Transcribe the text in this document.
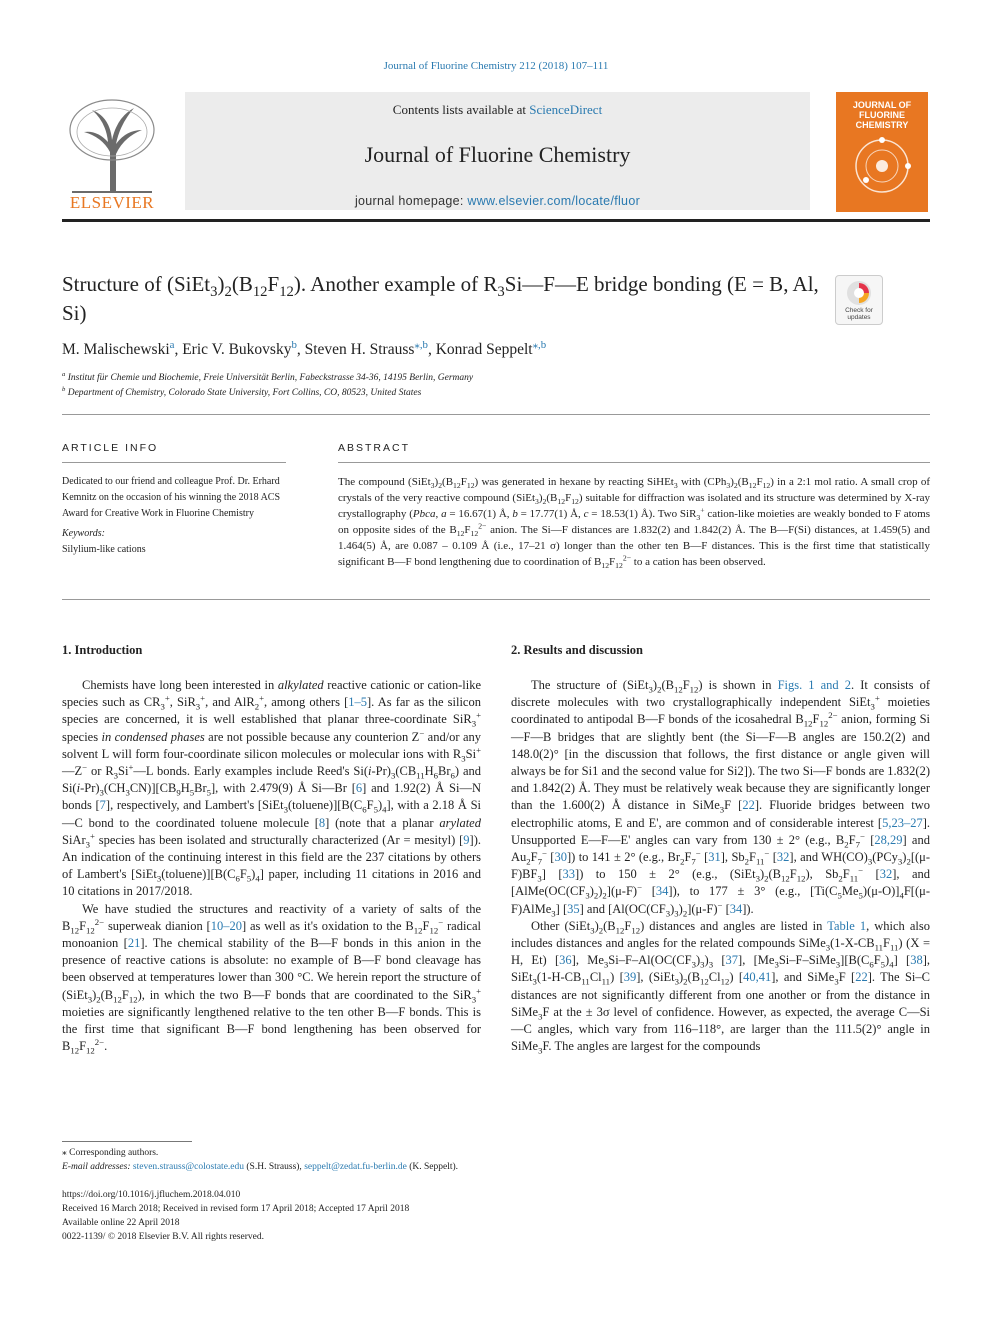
Journal of Fluorine Chemistry 212 (2018) 107–111
ELSEVIER
Contents lists available at ScienceDirect
Journal of Fluorine Chemistry
journal homepage: www.elsevier.com/locate/fluor
JOURNAL OF FLUORINE CHEMISTRY
Structure of $(SiEt_3)_2(B_{12}F_{12})$. Another example of $R_3Si—F—E$ bridge bonding (E = B, Al, Si)	Check for updates
M. Malischewski$^a$, Eric V. Bukovsky$^b$, Steven H. Strauss$^{⁎,b}$, Konrad Seppelt$^{⁎,b}$
$^a$ Institut für Chemie und Biochemie, Freie Universität Berlin, Fabeckstrasse 34-36, 14195 Berlin, Germany
$^b$ Department of Chemistry, Colorado State University, Fort Collins, CO, 80523, United States
ARTICLE INFO
Dedicated to our friend and colleague Prof. Dr. Erhard Kemnitz on the occasion of his winning the 2018 ACS Award for Creative Work in Fluorine Chemistry
Keywords:
Silylium-like cations
ABSTRACT
The compound $(SiEt_3)_2(B_{12}F_{12})$ was generated in hexane by reacting SiHEt$_3$ with $(CPh_3)_2(B_{12}F_{12})$ in a 2:1 mol ratio. A small crop of crystals of the very reactive compound $(SiEt_3)_2(B_{12}F_{12})$ suitable for diffraction was isolated and its structure was determined by X-ray crystallography (Pbca, a = 16.67(1) Å, b = 17.77(1) Å, c = 18.53(1) Å). Two SiR$_3$+ cation-like moieties are weakly bonded to F atoms on opposite sides of the $B_{12}F_{12}^{2-}$ anion. The Si—F distances are 1.832(2) and 1.842(2) Å. The B—F(Si) distances, at 1.459(5) and 1.464(5) Å, are 0.087 – 0.109 Å (i.e., 17–21 σ) longer than the other ten B—F distances. This is the first time that statistically significant B—F bond lengthening due to coordination of $B_{12}F_{12}^{2-}$ to a cation has been observed.
1. Introduction

Chemists have long been interested in alkylated reactive cationic or cation-like species such as $CR_3^+$, SiR$_3$+, and AlR$_2$+, among others [1–5]. As far as the silicon species are concerned, it is well established that planar three-coordinate SiR$_3$+ species in condensed phases are not possible because any counterion Z− and/or any solvent L will form four-coordinate silicon molecules or molecular ions with $R_3Si^+—Z^-$ or $R_3Si^+—L$ bonds. Early examples include Reed's $Si(i-Pr)_3(CB_{11}H_6Br_6)$ and $Si(i-Pr)_3(CH_3CN)][CB_9H_5Br_5]$, with 2.479(9) Å Si—Br [6] and 1.92(2) Å Si—N bonds [7], respectively, and Lambert's $[SiEt_3(toluene)][B(C_6F_5)_4]$, with a 2.18 Å Si—C bond to the coordinated toluene molecule [8] (note that a planar arylated SiAr$_3$+ species has been isolated and structurally characterized (Ar = mesityl) [9]). An indication of the continuing interest in this field are the 237 citations by others of Lambert's $[SiEt_3(toluene)][B(C_6F_5)_4]$ paper, including 11 citations in 2016 and 10 citations in 2017/2018.

We have studied the structures and reactivity of a variety of salts of the $B_{12}F_{12}^{2-}$ superweak dianion [10–20] as well as it's oxidation to the $B_{12}F_{12}^-$ radical monoanion [21]. The chemical stability of the B—F bonds in this anion in the presence of reactive cations is absolute: no example of B—F bond cleavage has been observed at temperatures lower than 300 °C. We herein report the structure of $(SiEt_3)_2(B_{12}F_{12})$, in which the two B—F bonds that are coordinated to the SiR$_3$+ moieties are significantly lengthened relative to the ten other B—F bonds. This is the first time that significant B—F bond lengthening has been observed for $B_{12}F_{12}^{2-}$.

2. Results and discussion

The structure of $(SiEt_3)_2(B_{12}F_{12})$ is shown in Figs. 1 and 2. It consists of discrete molecules with two crystallographically independent SiEt$_3$+ moieties coordinated to antipodal B—F bonds of the icosahedral $B_{12}F_{12}^{2-}$ anion, forming Si—F—B bridges that are slightly bent (the Si—F—B angles are 150.2(2) and 148.0(2)° [in the discussion that follows, the first distance or angle given will always be for Si1 and the second value for Si2]). The two Si—F bonds are 1.832(2) and 1.842(2) Å. They must be relatively weak because they are significantly longer than the 1.600(2) Å distance in SiMe$_3$F [22]. Fluoride bridges between two electrophilic atoms, E and E', are common and of considerable interest [5,23–27]. Unsupported E—F—E' angles can vary from 130 ± 2° (e.g., $B_2F_7^-$ [28,29] and $Au_2F_7^-$ [30]) to 141 ± 2° (e.g., $Br_2F_7^-$ [31], $Sb_2F_{11}^-$ [32], and $WH(CO)_3(PCy_3)_2[(\mu-F)BF_3]$ [33]) to 150 ± 2° (e.g., $(SiEt_3)_2(B_{12}F_{12})$, $Sb_2F_{11}^-$ [32], and $[AlMe(OC(CF_3)_2)_2](\mu-F)^-$ [34]), to 177 ± 3° (e.g., $[Ti(C_5Me_5)(\mu-O)]_4F[(\mu-F)AlMe_3]$ [35] and $[Al(OC(CF_3)_3)_2](\mu-F)^-$ [34]).

Other $(SiEt_3)_2(B_{12}F_{12})$ distances and angles are listed in Table 1, which also includes distances and angles for the related compounds $SiMe_3(1-X-CB_{11}F_{11}) (X = H$, Et) [36], $Me_3Si-F-Al(OC(CF_3)_3)_3$ [37], $[Me_3Si-F-SiMe_3][B(C_6F_5)_4]$ [38], $SiEt_3(1-H-CB_{11}Cl_{11})$ [39], $(SiEt_3)_2(B_{12}Cl_{12})$ [40,41], and SiMe$_3$F [22]. The Si–C distances are not significantly different from one another or from the distance in SiMe$_3$F at the ± 3σ level of confidence. However, as expected, the average C—Si—C angles, which vary from 116–118°, are larger than the 111.5(2)° angle in SiMe$_3$F. The angles are largest for the compounds

⁎ Corresponding authors.
E-mail addresses: steven.strauss@colostate.edu (S.H. Strauss), seppelt@zedat.fu-berlin.de (K. Seppelt).
https://doi.org/10.1016/j.jfluchem.2018.04.010
Received 16 March 2018; Received in revised form 17 April 2018; Accepted 17 April 2018
Available online 22 April 2018
0022-1139/ © 2018 Elsevier B.V. All rights reserved.
